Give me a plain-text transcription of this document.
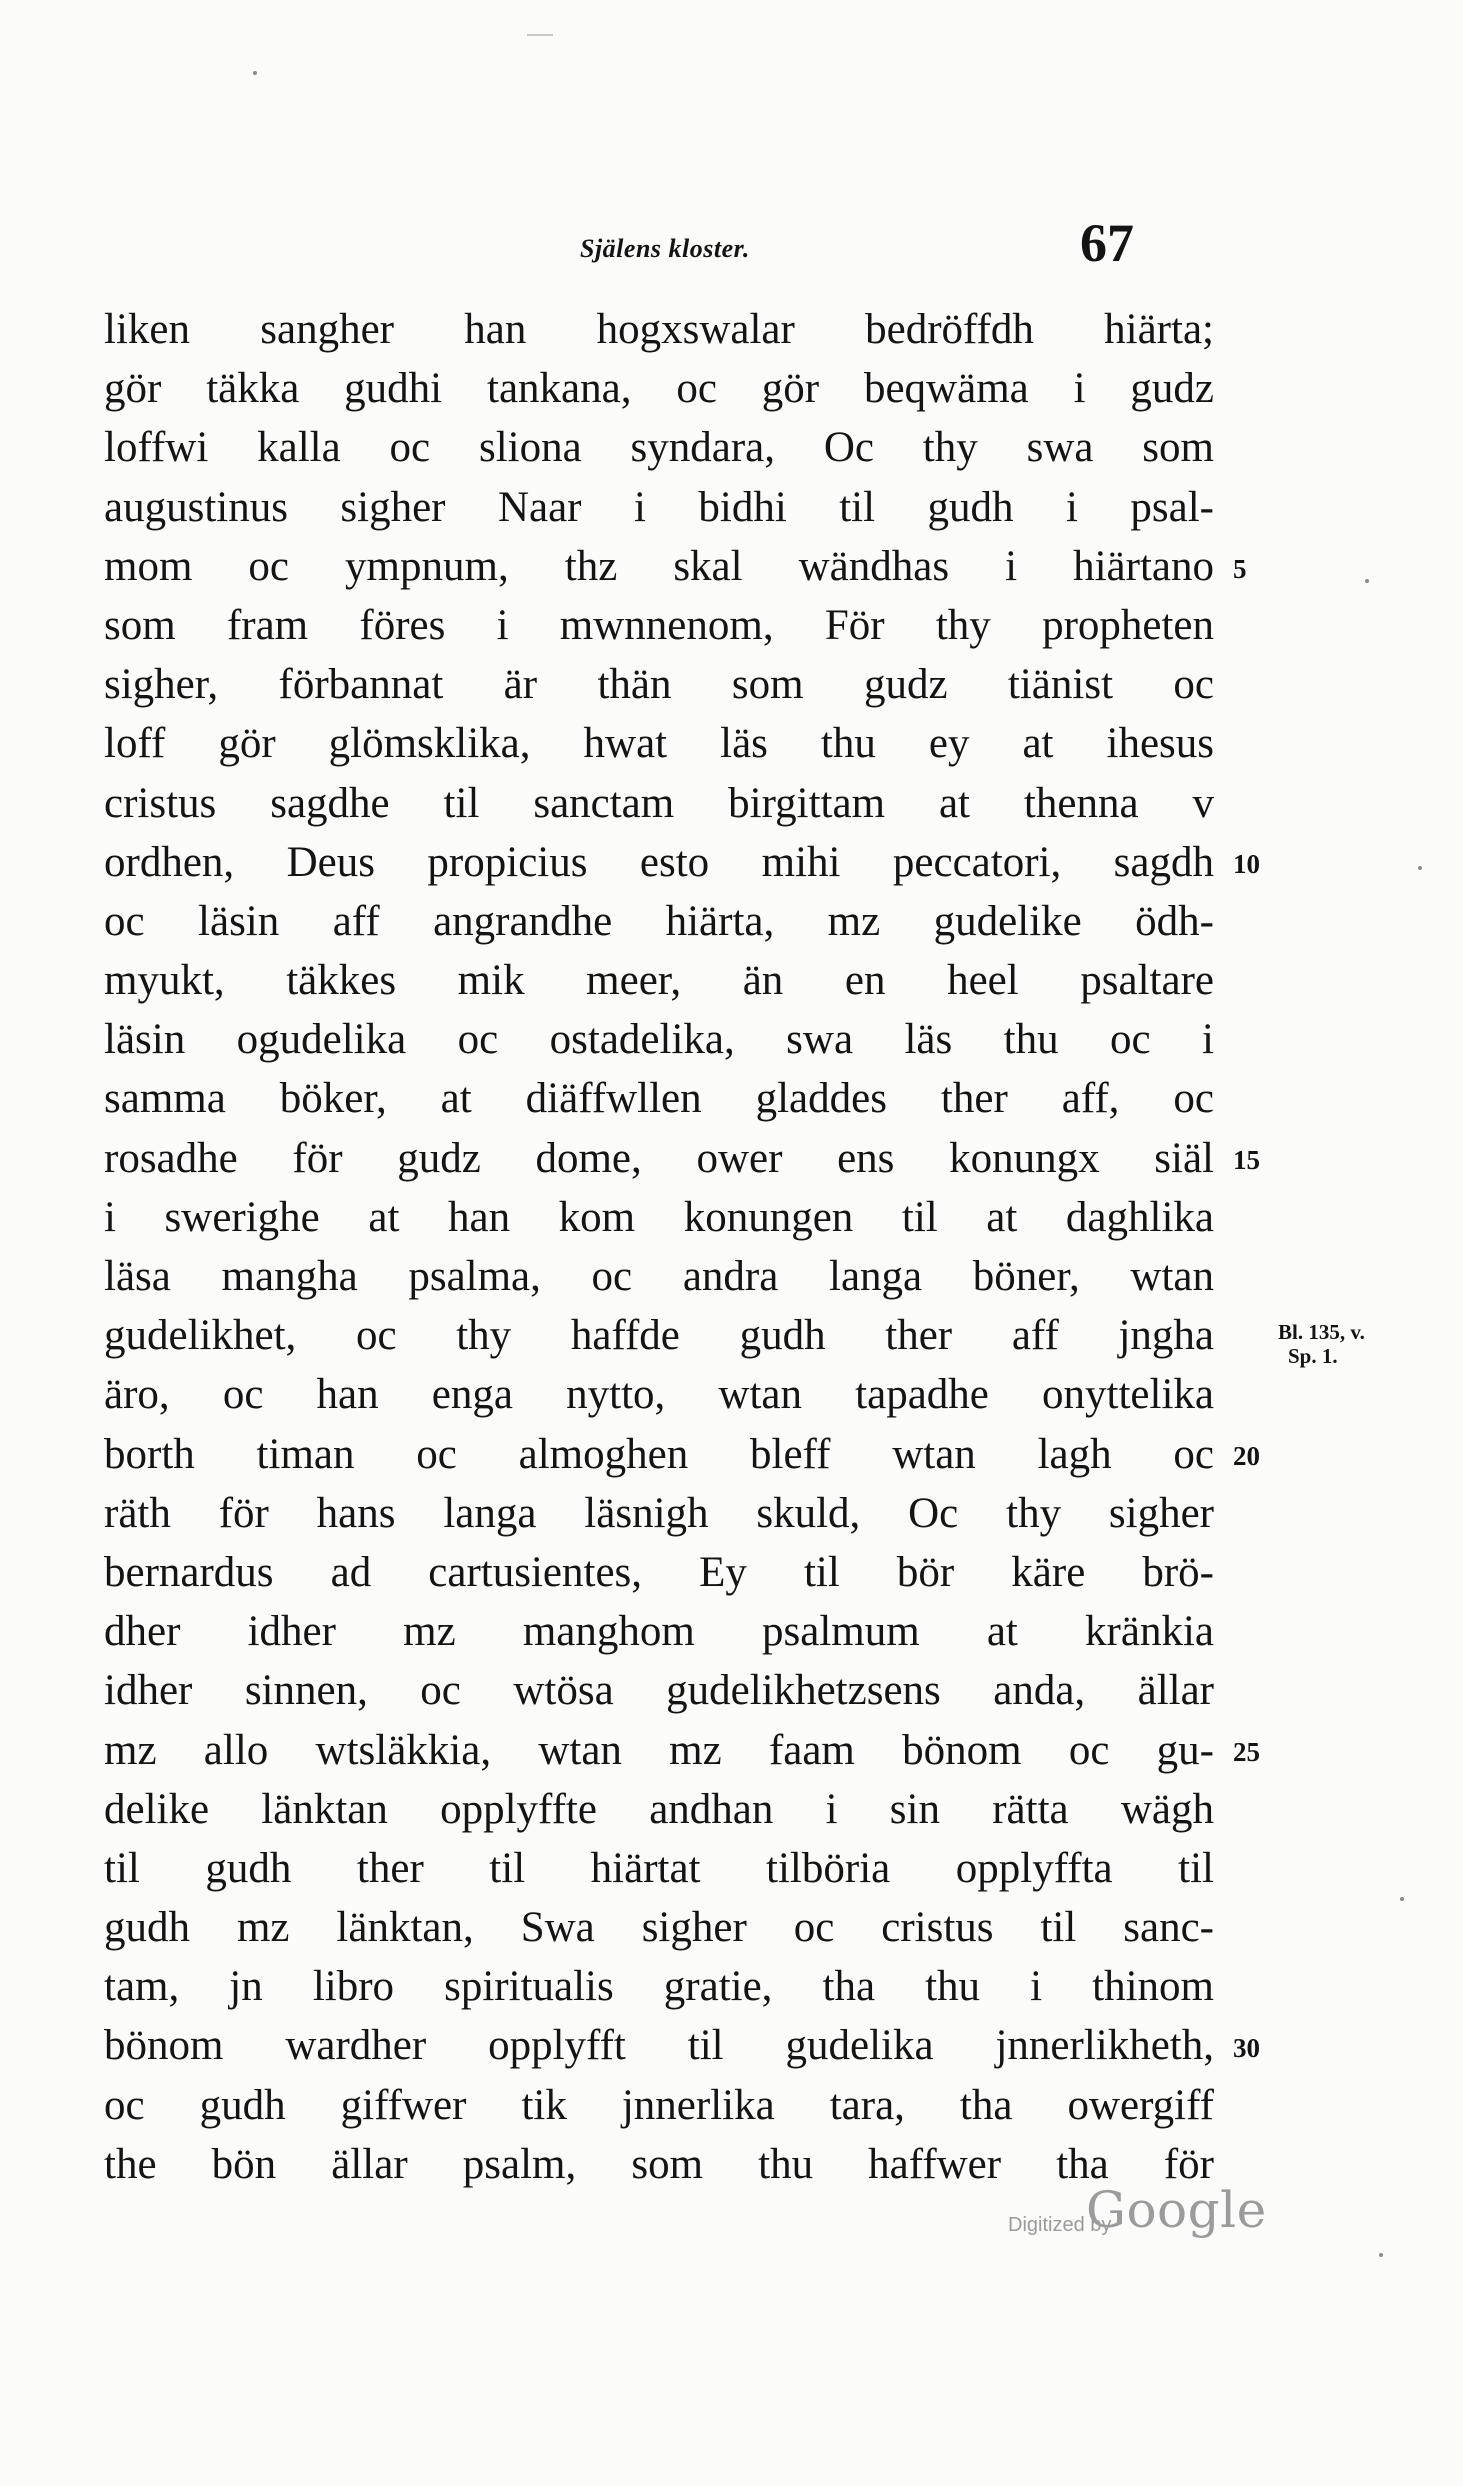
Själens kloster.	67
liken sangher han hogxswalar bedröffdh hiärta;
gör täkka gudhi tankana, oc gör beqwäma i gudz
loffwi kalla oc sliona syndara, Oc thy swa som
augustinus sigher Naar i bidhi til gudh i psal-
mom oc ympnum, thz skal wändhas i hiärtano
som fram föres i mwnnenom, För thy propheten
sigher, förbannat är thän som gudz tiänist oc
loff gör glömsklika, hwat läs thu ey at ihesus
cristus sagdhe til sanctam birgittam at thenna v
ordhen, Deus propicius esto mihi peccatori, sagdh
oc läsin aff angrandhe hiärta, mz gudelike ödh-
myukt, täkkes mik meer, än en heel psaltare
läsin ogudelika oc ostadelika, swa läs thu oc i
samma böker, at diäffwllen gladdes ther aff, oc
rosadhe för gudz dome, ower ens konungx siäl
i swerighe at han kom konungen til at daghlika
läsa mangha psalma, oc andra langa böner, wtan
gudelikhet, oc thy haffde gudh ther aff jngha
äro, oc han enga nytto, wtan tapadhe onyttelika
borth timan oc almoghen bleff wtan lagh oc
räth för hans langa läsnigh skuld, Oc thy sigher
bernardus ad cartusientes, Ey til bör käre brö-
dher idher mz manghom psalmum at kränkia
idher sinnen, oc wtösa gudelikhetzsens anda, ällar
mz allo wtsläkkia, wtan mz faam bönom oc gu-
delike länktan opplyffte andhan i sin rätta wägh
til gudh ther til hiärtat tilböria opplyffta til
gudh mz länktan, Swa sigher oc cristus til sanc-
tam, jn libro spiritualis gratie, tha thu i thinom
bönom wardher opplyfft til gudelika jnnerlikheth,
oc gudh giffwer tik jnnerlika tara, tha owergiff
the bön ällar psalm, som thu haffwer tha för
5
10
15
20
25
30
Bl. 135, v.
Sp. 1.
Digitized by
Google
